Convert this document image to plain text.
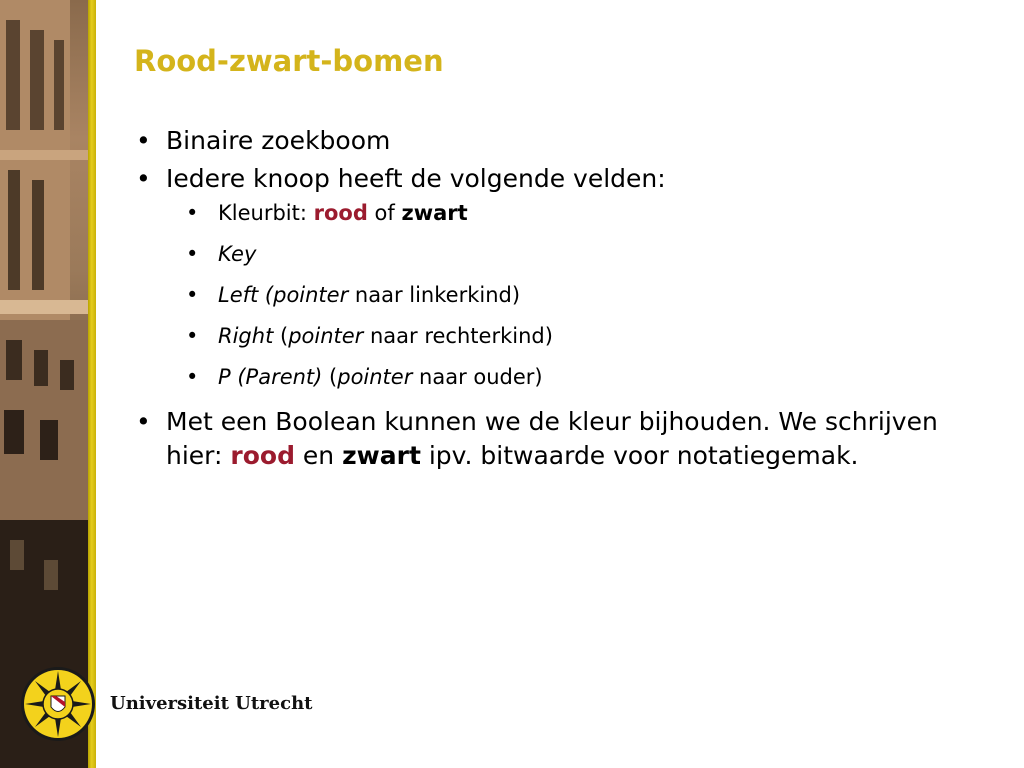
Rood-zwart-bomen
• Binaire zoekboom
• Iedere knoop heeft de volgende velden:
• Kleurbit: rood of zwart
• Key
• Left (pointer naar linkerkind)
• Right (pointer naar rechterkind)
• P (Parent) (pointer naar ouder)
• Met een Boolean kunnen we de kleur bijhouden. We schrijven hier: rood en zwart ipv. bitwaarde voor notatiegemak.
Universiteit Utrecht
